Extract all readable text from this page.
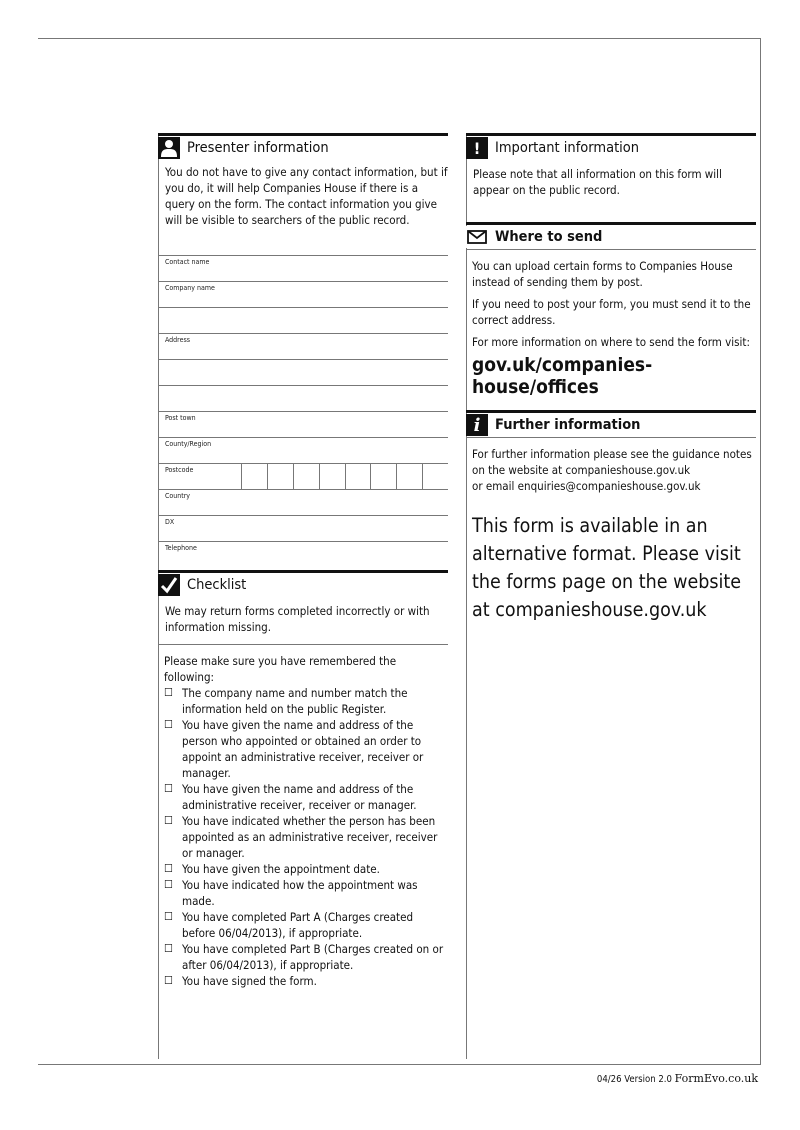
Presenter information

You do not have to give any contact information, but if you do, it will help Companies House if there is a query on the form. The contact information you give will be visible to searchers of the public record.

Contact name
Company name
Address
Post town
County/Region
Postcode
Country
DX
Telephone
Checklist

We may return forms completed incorrectly or with information missing.

Please make sure you have remembered the following:

☐ The company name and number match the information held on the public Register.
☐ You have given the name and address of the person who appointed or obtained an order to appoint an administrative receiver, receiver or manager.
☐ You have given the name and address of the administrative receiver, receiver or manager.
☐ You have indicated whether the person has been appointed as an administrative receiver, receiver or manager.
☐ You have given the appointment date.
☐ You have indicated how the appointment was made.
☐ You have completed Part A (Charges created before 06/04/2013), if appropriate.
☐ You have completed Part B (Charges created on or after 06/04/2013), if appropriate.
☐ You have signed the form.
!	Important information

Please note that all information on this form will appear on the public record.

Where to send

You can upload certain forms to Companies House instead of sending them by post.

If you need to post your form, you must send it to the correct address.

For more information on where to send the form visit:

gov.uk/companies-house/offices

i	Further information

For further information please see the guidance notes on the website at companieshouse.gov.uk

or email enquiries@companieshouse.gov.uk

This form is available in an alternative format. Please visit the forms page on the website at companieshouse.gov.uk

04/26 Version 2.0 FormEvo.co.uk
